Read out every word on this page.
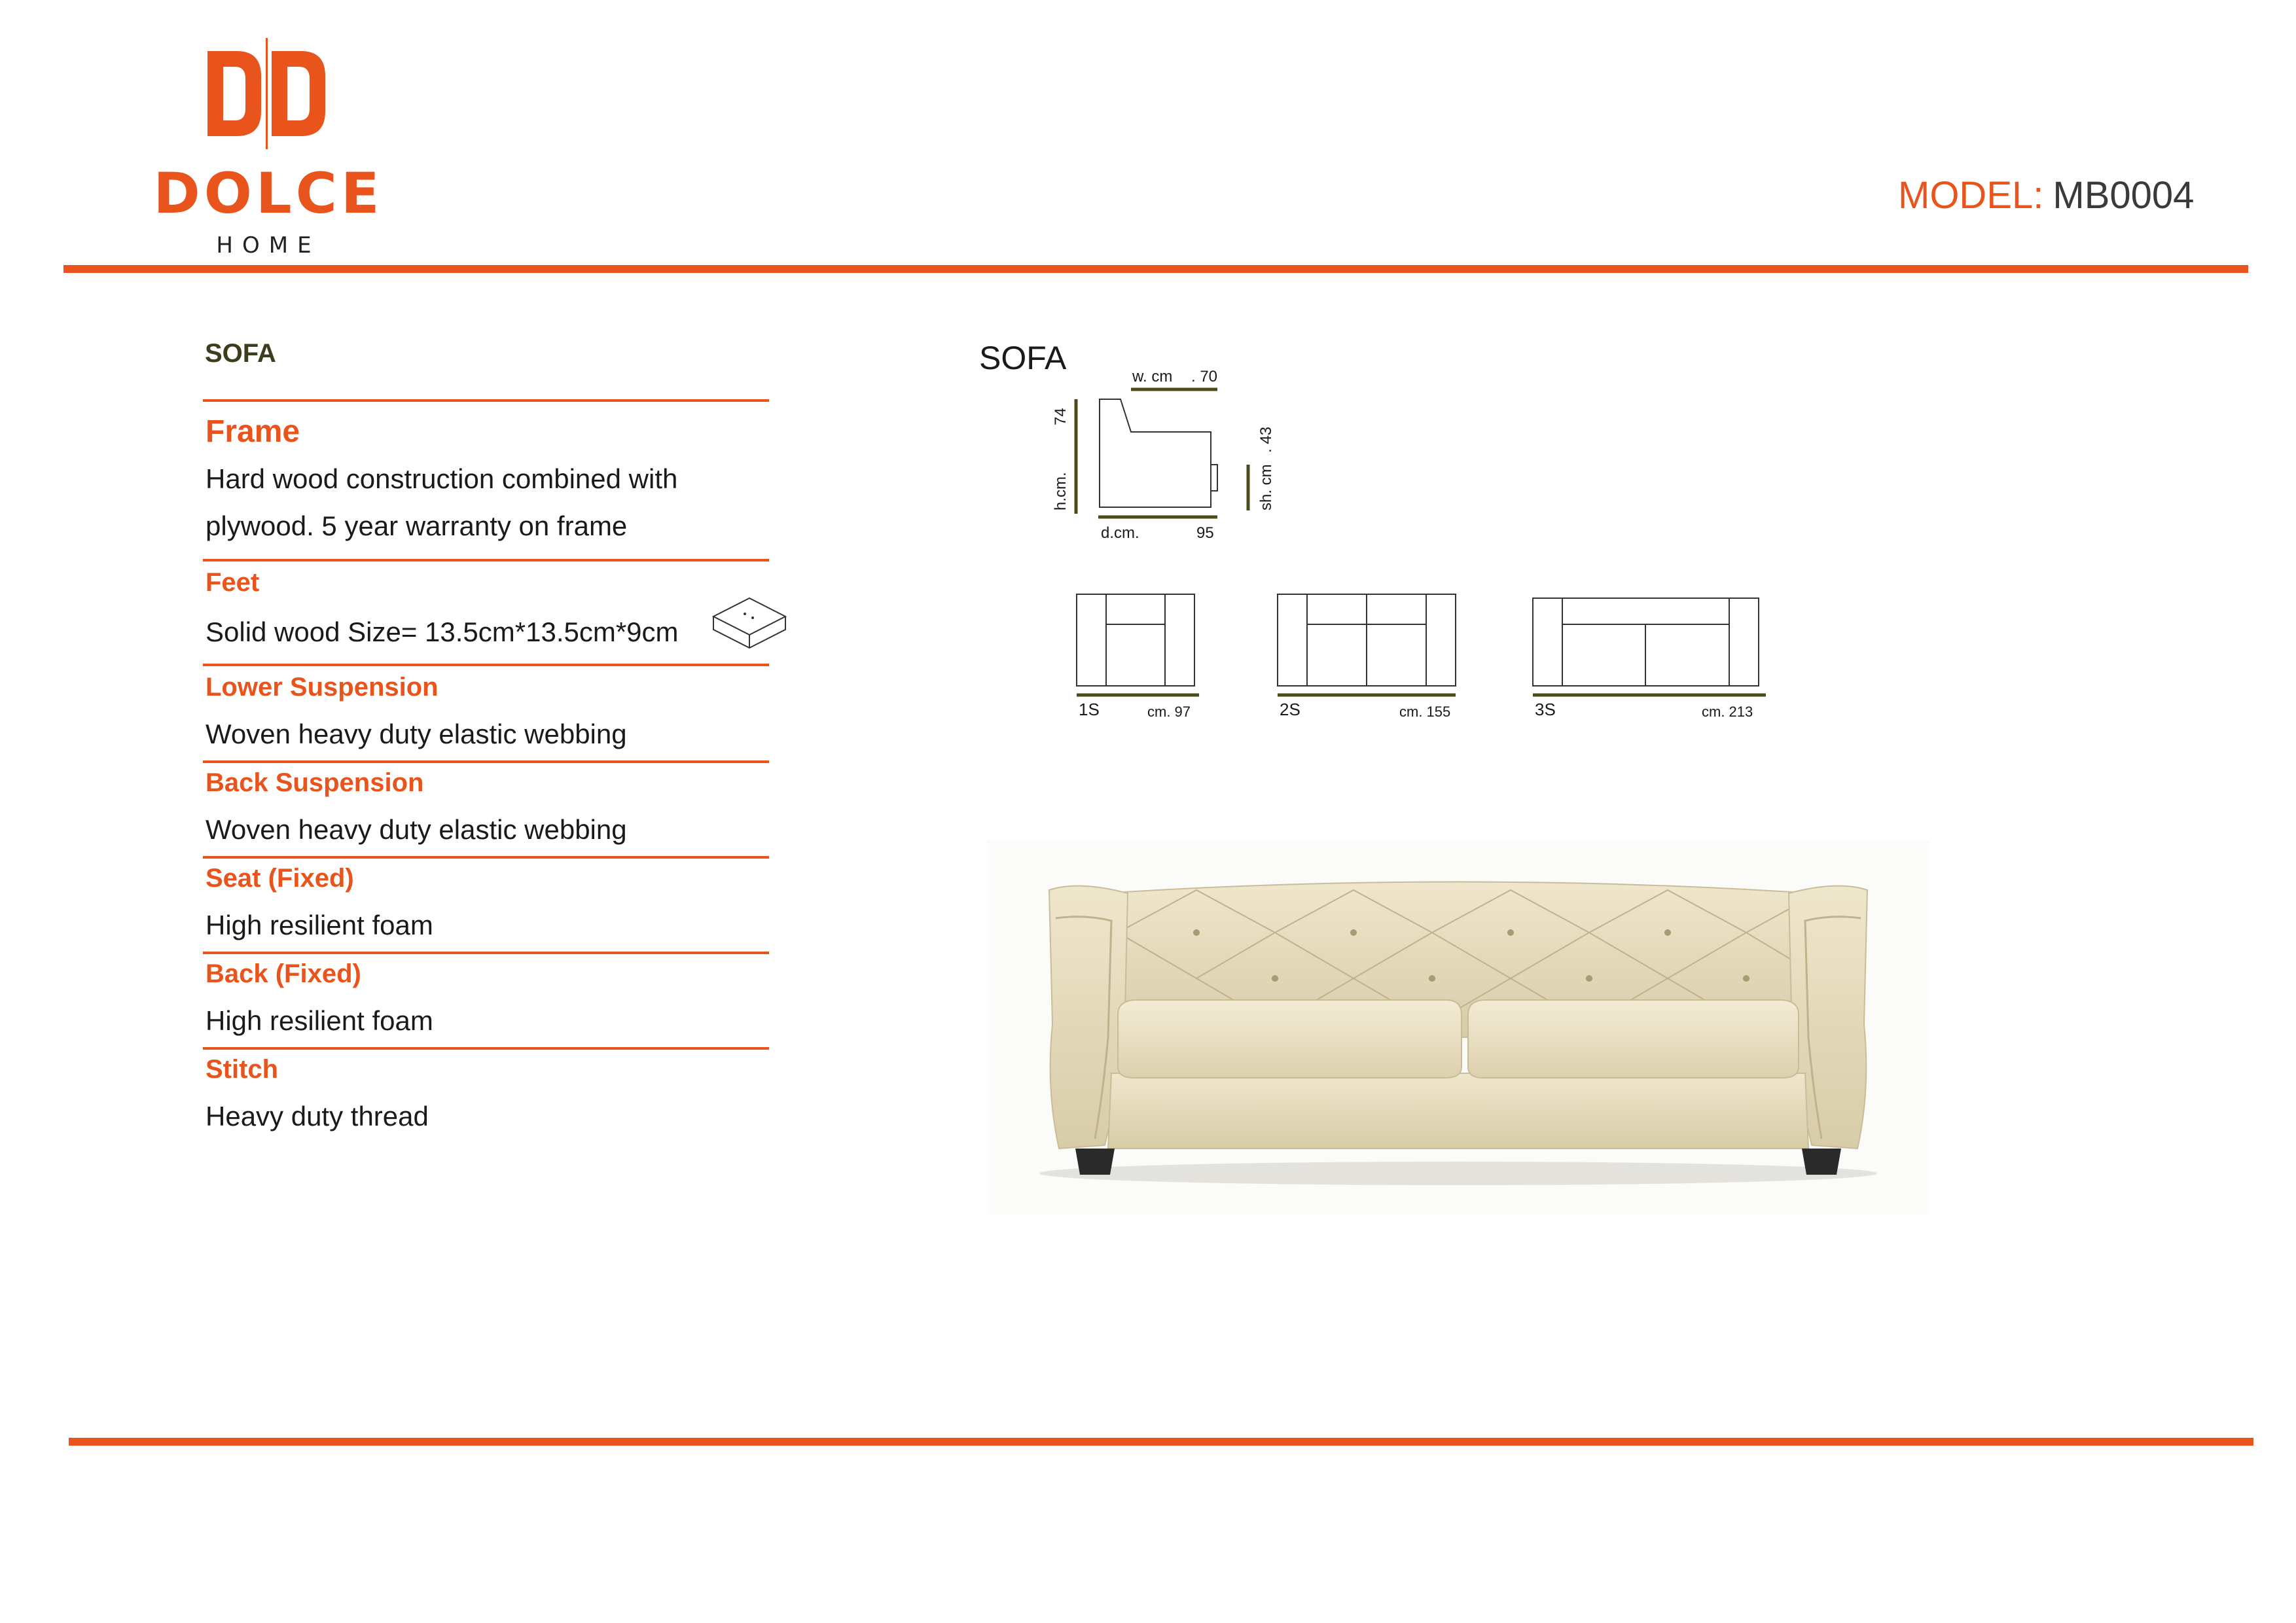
DOLCE
HOME
MODEL: MB0004
SOFA
Frame
Hard wood construction combined with
plywood. 5 year warranty on frame
Feet
Solid wood Size= 13.5cm*13.5cm*9cm
Lower Suspension
Woven heavy duty elastic webbing
Back Suspension
Woven heavy duty elastic webbing
Seat (Fixed)
High resilient foam
Back (Fixed)
High resilient foam
Stitch
Heavy duty thread
SOFA
w. cm . 70
74
h.cm.
d.cm.	95
sh. cm
. 43
1S	cm. 97	2S	cm. 155	3S	cm. 213
